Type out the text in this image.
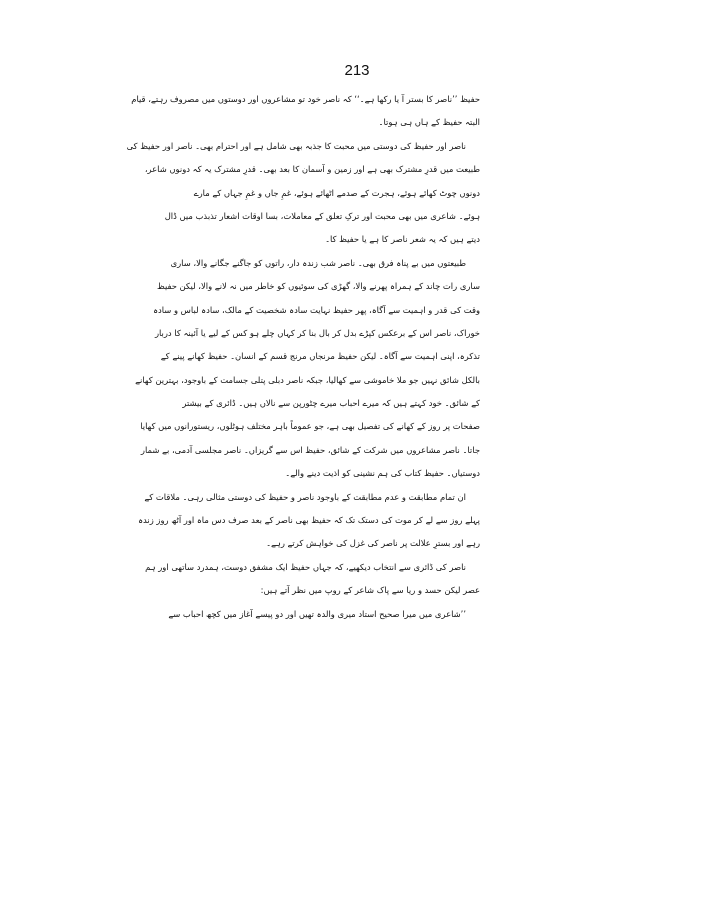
213
حفیظ ’’ناصر کا بستر آ یا رکھا ہے۔‘‘ کہ ناصر خود تو مشاعروں اور دوستوں میں مصروف رہتے، قیام
البتہ حفیظ کے ہاں ہی ہوتا۔
ناصر اور حفیظ کی دوستی میں محبت کا جذبہ بھی شامل ہے اور احترام بھی۔ ناصر اور حفیظ کی
طبیعت میں قدرِ مشترک بھی ہے اور زمین و آسمان کا بعد بھی۔ قدرِ مشترک یہ کہ دونوں شاعر،
دونوں چوٹ کھائے ہوئے، ہجرت کے صدمے اٹھائے ہوئے، غمِ جاں و غمِ جہاں کے مارے
ہوئے۔ شاعری میں بھی محبت اور ترکِ تعلق کے معاملات، بسا اوقات اشعار تذبذب میں ڈال
دیتے ہیں کہ یہ شعر ناصر کا ہے یا حفیظ کا۔
طبیعتوں میں بے پناہ فرق بھی۔ ناصر شب زندہ دار، راتوں کو جاگنے جگانے والا، ساری
ساری رات چاند کے ہمراہ پھرنے والا، گھڑی کی سوئیوں کو خاطر میں نہ لانے والا، لیکن حفیظ
وقت کی قدر و اہمیت سے آگاہ، پھر حفیظ نہایت سادہ شخصیت کے مالک، سادہ لباس و سادہ
خوراک، ناصر اس کے برعکس کپڑے بدل کر بال بنا کر کہاں چلے ہو کس کے لیے یا آئینہ کا دربار
تذکرہ، اپنی اہمیت سے آگاہ۔ لیکن حفیظ مرنجاں مرنج قسم کے انسان۔ حفیظ کھانے پینے کے
بالکل شائق نہیں جو ملا خاموشی سے کھالیا، جبکہ ناصر دبلی پتلی جسامت کے باوجود، بہترین کھانے
کے شائق۔ خود کہتے ہیں کہ میرے احباب میرے چٹورپن سے نالاں ہیں۔ ڈائری کے بیشتر
صفحات پر روز کے کھانے کی تفصیل بھی ہے، جو عموماً باہر مختلف ہوٹلوں، ریستورانوں میں کھایا
جاتا۔ ناصر مشاعروں میں شرکت کے شائق، حفیظ اس سے گریزاں۔ ناصر مجلسی آدمی، بے شمار
دوستیاں۔ حفیظ کتاب کی ہم نشینی کو اذیت دینے والے۔
ان تمام مطابقت و عدم مطابقت کے باوجود ناصر و حفیظ کی دوستی مثالی رہی۔ ملاقات کے
پہلے روز سے لے کر موت کی دستک تک کہ حفیظ بھی ناصر کے بعد صرف دس ماہ اور آٹھ روز زندہ
رہے اور بسترِ علالت پر ناصر کی غزل کی خواہش کرتے رہے۔
ناصر کی ڈائری سے انتخاب دیکھیے، کہ جہاں حفیظ ایک مشفق دوست، ہمدرد ساتھی اور ہم
عصر لیکن حسد و ریا سے پاک شاعر کے روپ میں نظر آتے ہیں:
’’شاعری میں میرا صحیح استاد میری والدہ تھیں اور دو پیسے آغاز میں کچھ احباب سے
